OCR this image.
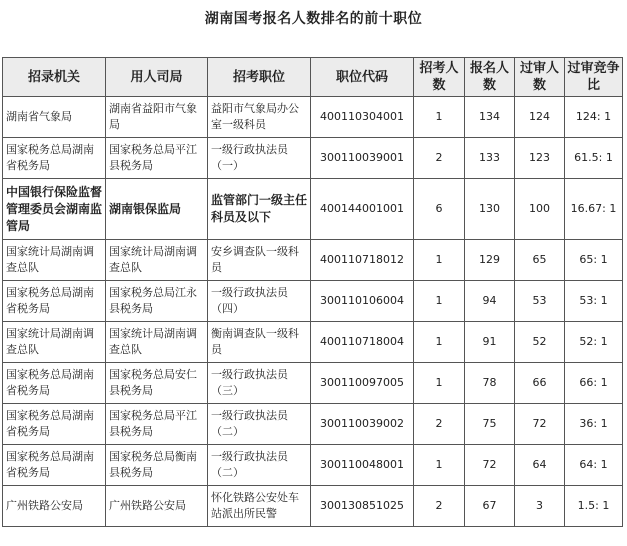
湖南国考报名人数排名的前十职位
招录机关	用人司局	招考职位	职位代码	招考人数	报名人数	过审人数	过审竞争比
湖南省气象局	湖南省益阳市气象局	益阳市气象局办公室一级科员	400110304001	1	134	124	124: 1
国家税务总局湖南省税务局	国家税务总局平江县税务局	一级行政执法员（一）	300110039001	2	133	123	61.5: 1
中国银行保险监督管理委员会湖南监管局	湖南银保监局	监管部门一级主任科员及以下	400144001001	6	130	100	16.67: 1
国家统计局湖南调查总队	国家统计局湖南调查总队	安乡调查队一级科员	400110718012	1	129	65	65: 1
国家税务总局湖南省税务局	国家税务总局江永县税务局	一级行政执法员（四）	300110106004	1	94	53	53: 1
国家统计局湖南调查总队	国家统计局湖南调查总队	衡南调查队一级科员	400110718004	1	91	52	52: 1
国家税务总局湖南省税务局	国家税务总局安仁县税务局	一级行政执法员（三）	300110097005	1	78	66	66: 1
国家税务总局湖南省税务局	国家税务总局平江县税务局	一级行政执法员（二）	300110039002	2	75	72	36: 1
国家税务总局湖南省税务局	国家税务总局衡南县税务局	一级行政执法员（二）	300110048001	1	72	64	64: 1
广州铁路公安局	广州铁路公安局	怀化铁路公安处车站派出所民警	300130851025	2	67	3	1.5: 1
